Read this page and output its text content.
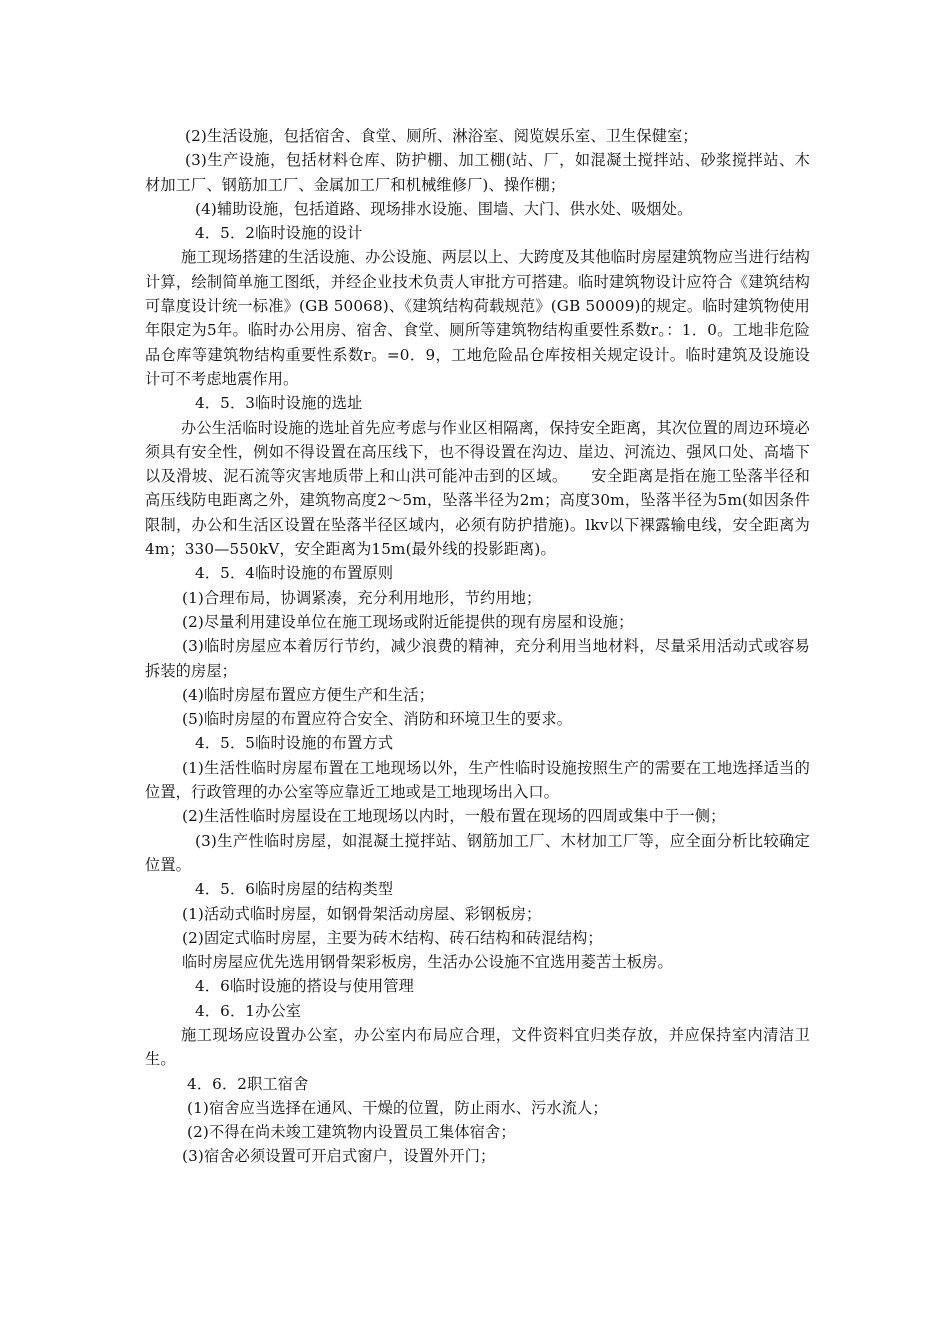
(2)生活设施，包括宿舍、食堂、厕所、淋浴室、阅览娱乐室、卫生保健室；

(3)生产设施，包括材料仓库、防护棚、加工棚(站、厂，如混凝土搅拌站、砂浆搅拌站、木材加工厂、钢筋加工厂、金属加工厂和机械维修厂)、操作棚；

(4)辅助设施，包括道路、现场排水设施、围墙、大门、供水处、吸烟处。

4．5．2临时设施的设计

施工现场搭建的生活设施、办公设施、两层以上、大跨度及其他临时房屋建筑物应当进行结构计算，绘制简单施工图纸，并经企业技术负责人审批方可搭建。临时建筑物设计应符合《建筑结构可靠度设计统一标准》(GB 50068)、《建筑结构荷载规范》(GB 50009)的规定。临时建筑物使用年限定为5年。临时办公用房、宿舍、食堂、厕所等建筑物结构重要性系数r。：1．0。工地非危险品仓库等建筑物结构重要性系数r。=0．9，工地危险品仓库按相关规定设计。临时建筑及设施设计可不考虑地震作用。

4．5．3临时设施的选址

办公生活临时设施的选址首先应考虑与作业区相隔离，保持安全距离，其次位置的周边环境必须具有安全性，例如不得设置在高压线下，也不得设置在沟边、崖边、河流边、强风口处、高墙下以及滑坡、泥石流等灾害地质带上和山洪可能冲击到的区域。　　安全距离是指在施工坠落半径和高压线防电距离之外，建筑物高度2～5m，坠落半径为2m；高度30m，坠落半径为5m(如因条件限制，办公和生活区设置在坠落半径区域内，必须有防护措施)。lkv以下裸露输电线，安全距离为4m；330—550kV，安全距离为15m(最外线的投影距离)。

4．5．4临时设施的布置原则

(1)合理布局，协调紧凑，充分利用地形，节约用地；

(2)尽量利用建设单位在施工现场或附近能提供的现有房屋和设施；

(3)临时房屋应本着厉行节约，减少浪费的精神，充分利用当地材料，尽量采用活动式或容易拆装的房屋；

(4)临时房屋布置应方便生产和生活；

(5)临时房屋的布置应符合安全、消防和环境卫生的要求。

4．5．5临时设施的布置方式

(1)生活性临时房屋布置在工地现场以外，生产性临时设施按照生产的需要在工地选择适当的位置，行政管理的办公室等应靠近工地或是工地现场出入口。

(2)生活性临时房屋设在工地现场以内时，一般布置在现场的四周或集中于一侧；

(3)生产性临时房屋，如混凝土搅拌站、钢筋加工厂、木材加工厂等，应全面分析比较确定位置。

4．5．6临时房屋的结构类型

(1)活动式临时房屋，如钢骨架活动房屋、彩钢板房；

(2)固定式临时房屋，主要为砖木结构、砖石结构和砖混结构；

临时房屋应优先选用钢骨架彩板房，生活办公设施不宜选用菱苦土板房。

4．6临时设施的搭设与使用管理

4．6．1办公室

施工现场应设置办公室，办公室内布局应合理，文件资料宜归类存放，并应保持室内清洁卫生。

4．6．2职工宿舍

(1)宿舍应当选择在通风、干燥的位置，防止雨水、污水流人；

(2)不得在尚未竣工建筑物内设置员工集体宿舍；

(3)宿舍必须设置可开启式窗户，设置外开门；
